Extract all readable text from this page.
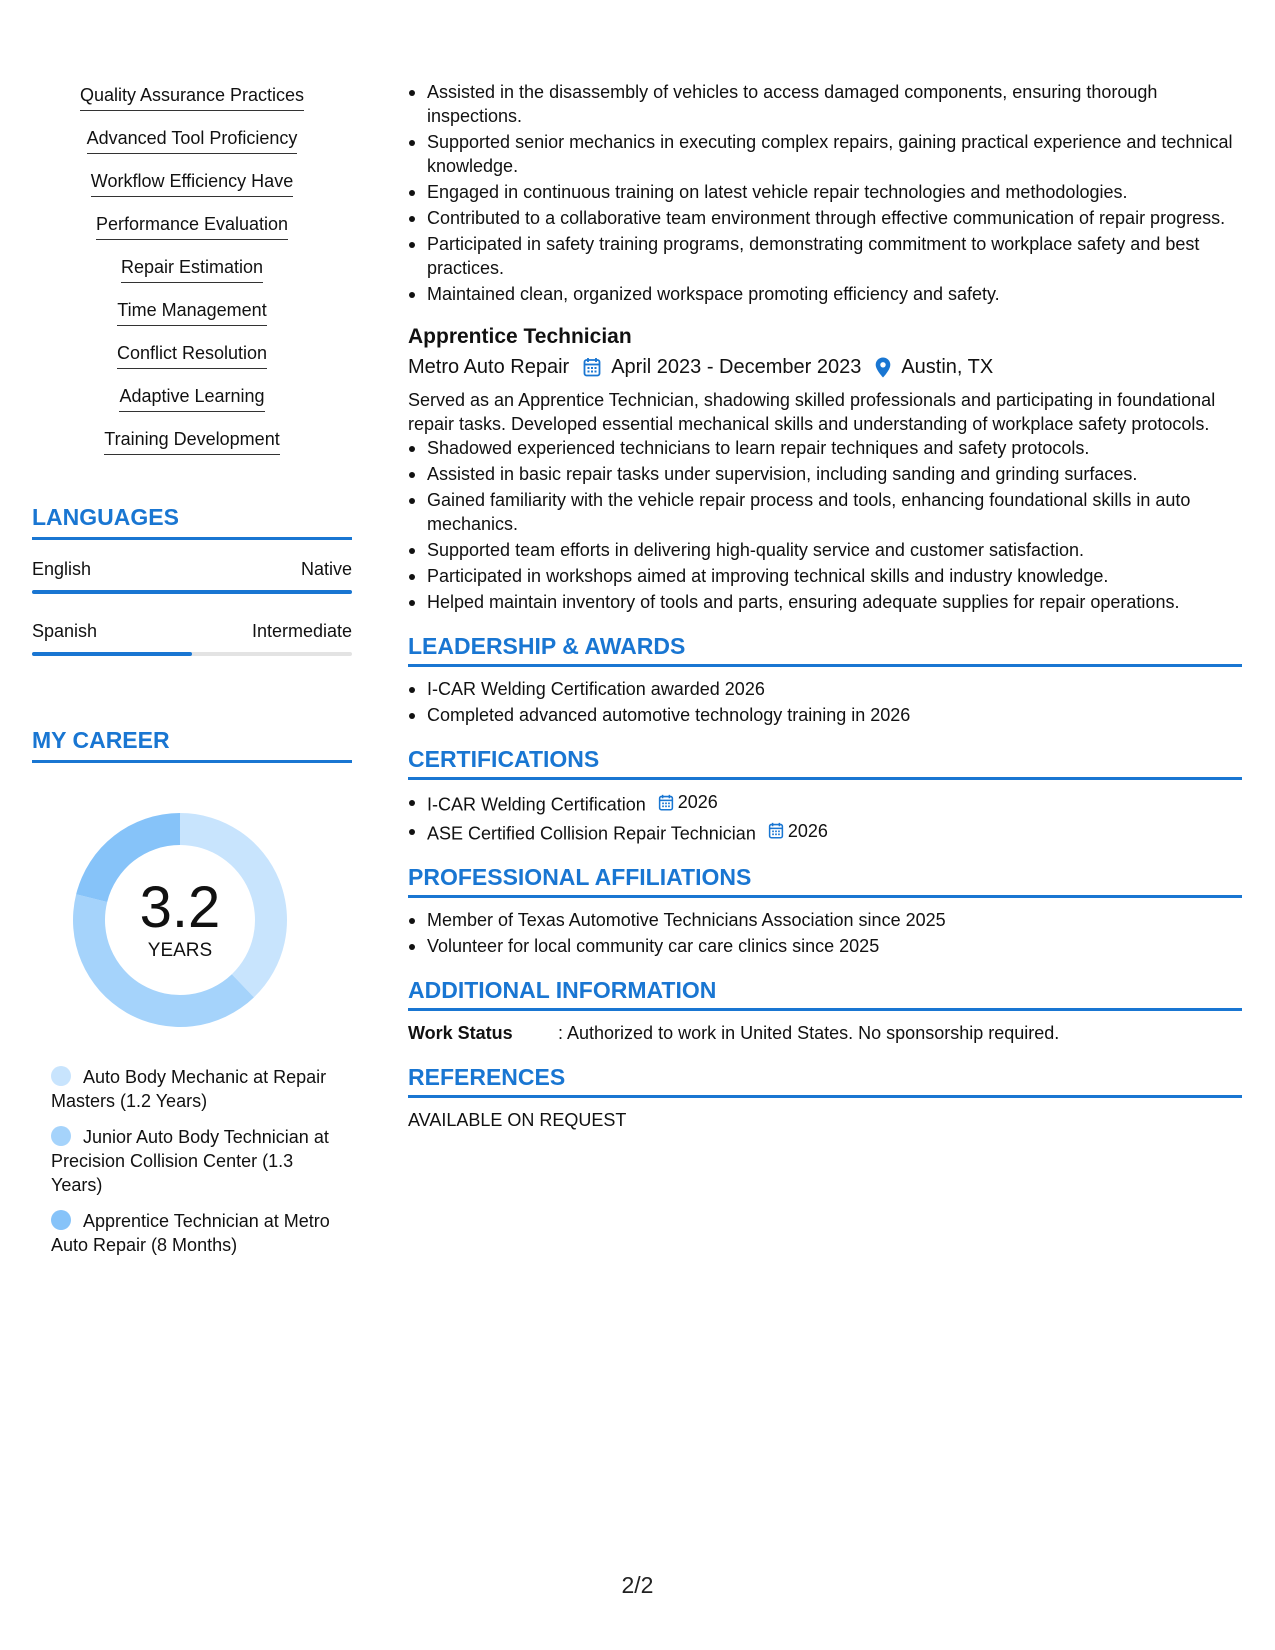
Quality Assurance Practices
Advanced Tool Proficiency
Workflow Efficiency Have
Performance Evaluation
Repair Estimation
Time Management
Conflict Resolution
Adaptive Learning
Training Development
LANGUAGES
English	Native
Spanish	Intermediate
MY CAREER
3.2
YEARS
Auto Body Mechanic at Repair Masters (1.2 Years)
Junior Auto Body Technician at Precision Collision Center (1.3 Years)
Apprentice Technician at Metro Auto Repair (8 Months)
Assisted in the disassembly of vehicles to access damaged components, ensuring thorough inspections.
Supported senior mechanics in executing complex repairs, gaining practical experience and technical knowledge.
Engaged in continuous training on latest vehicle repair technologies and methodologies.
Contributed to a collaborative team environment through effective communication of repair progress.
Participated in safety training programs, demonstrating commitment to workplace safety and best practices.
Maintained clean, organized workspace promoting efficiency and safety.
Apprentice Technician
Metro Auto Repair April 2023 - December 2023 Austin, TX
Served as an Apprentice Technician, shadowing skilled professionals and participating in foundational repair tasks. Developed essential mechanical skills and understanding of workplace safety protocols.
Shadowed experienced technicians to learn repair techniques and safety protocols.
Assisted in basic repair tasks under supervision, including sanding and grinding surfaces.
Gained familiarity with the vehicle repair process and tools, enhancing foundational skills in auto mechanics.
Supported team efforts in delivering high-quality service and customer satisfaction.
Participated in workshops aimed at improving technical skills and industry knowledge.
Helped maintain inventory of tools and parts, ensuring adequate supplies for repair operations.
LEADERSHIP & AWARDS
I-CAR Welding Certification awarded 2026
Completed advanced automotive technology training in 2026
CERTIFICATIONS
I-CAR Welding Certification 2026
ASE Certified Collision Repair Technician 2026
PROFESSIONAL AFFILIATIONS
Member of Texas Automotive Technicians Association since 2025
Volunteer for local community car care clinics since 2025
ADDITIONAL INFORMATION
Work Status	: Authorized to work in United States. No sponsorship required.
REFERENCES
AVAILABLE ON REQUEST
2/2
